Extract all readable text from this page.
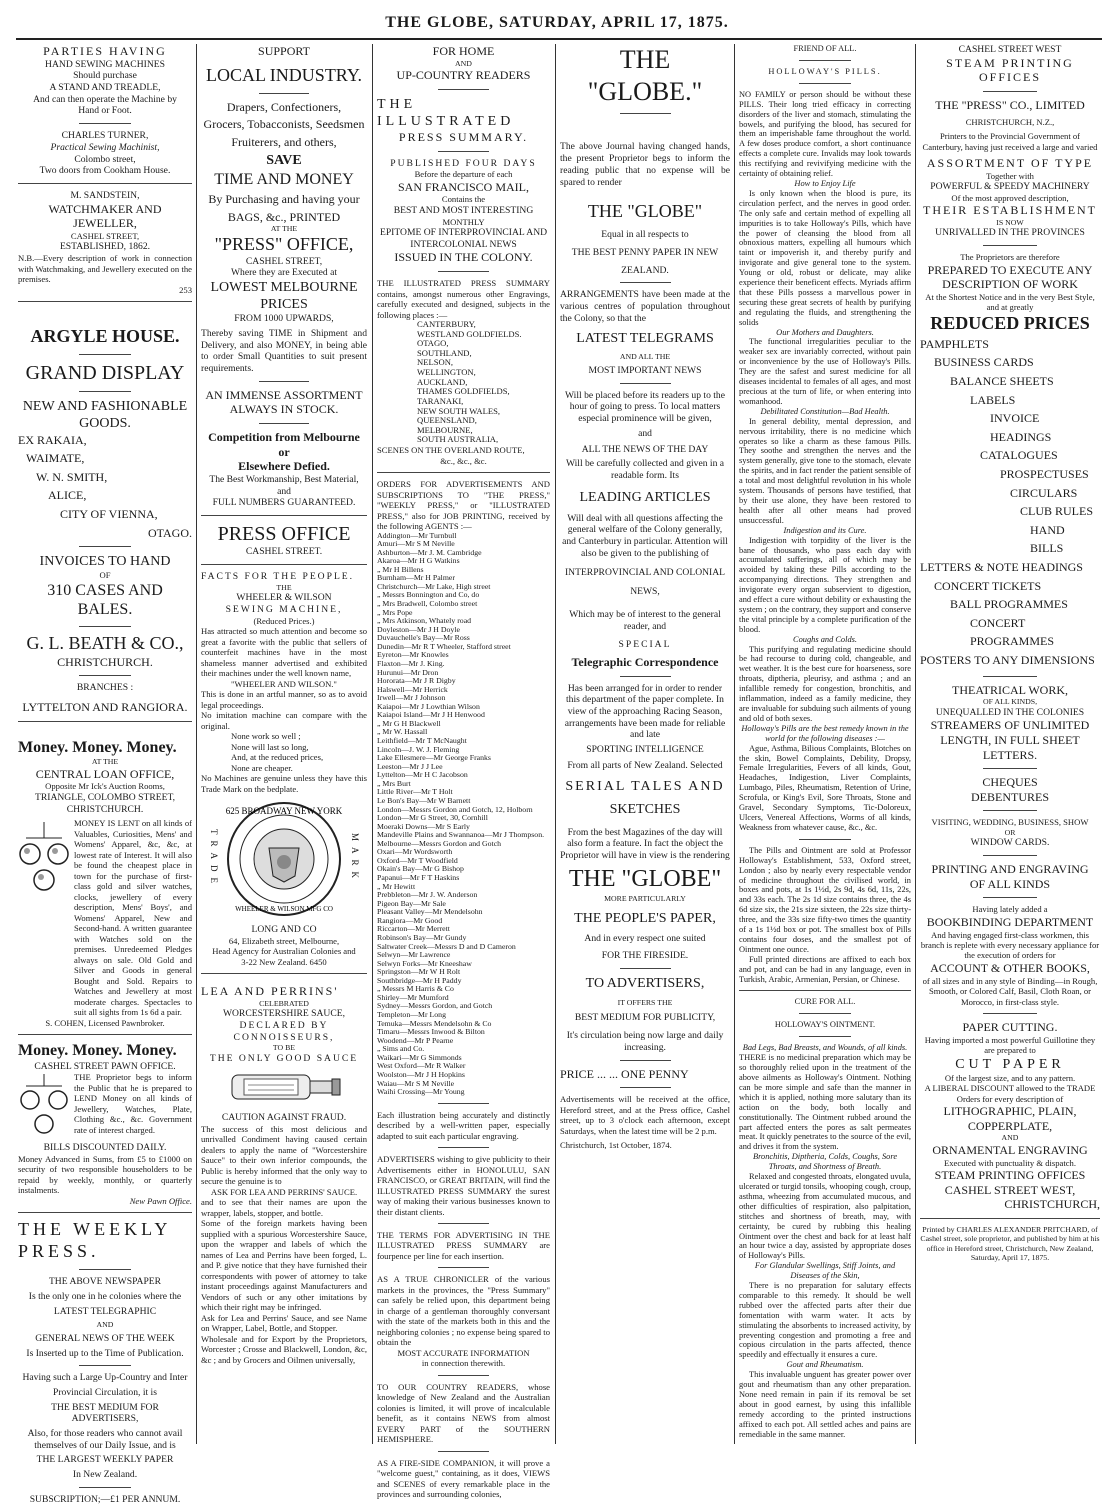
THE GLOBE, SATURDAY, APRIL 17, 1875.
PARTIES HAVING
HAND SEWING MACHINES
Should purchase
A STAND AND TREADLE,
And can then operate the Machine by
Hand or Foot.
CHARLES TURNER,
Practical Sewing Machinist,
Colombo street,
Two doors from Cookham House.
M. SANDSTEIN,
WATCHMAKER AND JEWELLER,
CASHEL STREET,
ESTABLISHED, 1862.
N.B.—Every description of work in connection with Watchmaking, and Jewellery executed on the premises.
253
ARGYLE HOUSE.
GRAND DISPLAY
NEW AND FASHIONABLE
GOODS.
EX RAKAIA,
WAIMATE,
W. N. SMITH,
ALICE,
CITY OF VIENNA,
OTAGO.
INVOICES TO HAND
OF
310 CASES AND BALES.
G. L. BEATH & CO.,
CHRISTCHURCH.
BRANCHES :
LYTTELTON AND RANGIORA.
Money. Money. Money.
AT THE
CENTRAL LOAN OFFICE,
Opposite Mr Ick's Auction Rooms,
TRIANGLE, COLOMBO STREET,
CHRISTCHURCH.
MONEY IS LENT on all kinds of Valuables, Curiosities, Mens' and Womens' Apparel, &c, &c, at lowest rate of Interest. It will also be found the cheapest place in town for the purchase of first-class gold and silver watches, clocks, jewellery of every description, Mens' Boys', and Womens' Apparel, New and Second-hand. A written guarantee with Watches sold on the premises. Unredeemed Pledges always on sale. Old Gold and Silver and Goods in general Bought and Sold. Repairs to Watches and Jewellery at most moderate charges. Spectacles to suit all sights from 1s 6d a pair.
S. COHEN, Licensed Pawnbroker.
Money. Money. Money.
CASHEL STREET PAWN OFFICE.
THE Proprietor begs to inform the Public that he is prepared to LEND Money on all kinds of Jewellery, Watches, Plate, Clothing &c., &c. Government rate of interest charged.
BILLS DISCOUNTED DAILY.
Money Advanced in Sums, from £5 to £1000 on security of two responsible householders to be repaid by weekly, monthly, or quarterly instalments.
New Pawn Office.
THE WEEKLY PRESS.
THE ABOVE NEWSPAPER
Is the only one in he colonies where the
LATEST TELEGRAPHIC
AND
GENERAL NEWS OF THE WEEK
Is Inserted up to the Time of Publication.
Having such a Large Up-Country and Inter
Provincial Circulation, it is
THE BEST MEDIUM FOR ADVERTISERS,
Also, for those readers who cannot avail themselves of our Daily Issue, and is
THE LARGEST WEEKLY PAPER
In New Zealand.
SUBSCRIPTION;—£1 PER ANNUM.
SUPPORT
LOCAL INDUSTRY.
Drapers, Confectioners,
Grocers, Tobacconists, Seedsmen
Fruiterers, and others,
SAVE
TIME AND MONEY
By Purchasing and having your
BAGS, &c., PRINTED
AT THE
"PRESS" OFFICE,
CASHEL STREET,
Where they are Executed at
LOWEST MELBOURNE PRICES
FROM 1000 UPWARDS,
Thereby saving TIME in Shipment and Delivery, and also MONEY, in being able to order Small Quantities to suit present requirements.
AN IMMENSE ASSORTMENT
ALWAYS IN STOCK.
Competition from Melbourne or
Elsewhere Defied.
The Best Workmanship, Best Material,
and
FULL NUMBERS GUARANTEED.
PRESS OFFICE
CASHEL STREET.
FACTS FOR THE PEOPLE.
THE
WHEELER & WILSON
SEWING MACHINE,
(Reduced Prices.)
Has attracted so much attention and become so great a favorite with the public that sellers of counterfeit machines have in the most shameless manner advertised and exhibited their machines under the well known name,
"WHEELER AND WILSON."
This is done in an artful manner, so as to avoid legal proceedings.
No imitation machine can compare with the original.
None work so well ;
None will last so long,
And, at the reduced prices,
None are cheaper.
No Machines are genuine unless they have this Trade Mark on the bedplate.
TRADE
625 BROADWAY NEW YORK
WHEELER & WILSON MFG CO
MARK
LONG AND CO
64, Elizabeth street, Melbourne,
Head Agency for Australian Colonies and
3-22 New Zealand. 6450
LEA AND PERRINS'
CELEBRATED
WORCESTERSHIRE SAUCE,
DECLARED BY CONNOISSEURS,
TO BE
THE ONLY GOOD SAUCE
CAUTION AGAINST FRAUD.
The success of this most delicious and unrivalled Condiment having caused certain dealers to apply the name of "Worcestershire Sauce" to their own inferior compounds, the Public is hereby informed that the only way to secure the genuine is to
ASK FOR LEA AND PERRINS' SAUCE.
and to see that their names are upon the wrapper, labels, stopper, and bottle.
Some of the foreign markets having been supplied with a spurious Worcestershire Sauce, upon the wrapper and labels of which the names of Lea and Perrins have been forged, L. and P. give notice that they have furnished their correspondents with power of attorney to take instant proceedings against Manufacturers and Vendors of such or any other imitations by which their right may be infringed.
Ask for Lea and Perrins' Sauce, and see Name on Wrapper, Label, Bottle, and Stopper.
Wholesale and for Export by the Proprietors, Worcester ; Crosse and Blackwell, London, &c, &c ; and by Grocers and Oilmen universally,
FOR HOME
AND
UP-COUNTRY READERS
THE ILLUSTRATED
PRESS SUMMARY.
PUBLISHED FOUR DAYS
Before the departure of each
SAN FRANCISCO MAIL,
Contains the
BEST AND MOST INTERESTING
MONTHLY
EPITOME OF INTERPROVINCIAL AND
INTERCOLONIAL NEWS
ISSUED IN THE COLONY.
THE ILLUSTRATED PRESS SUMMARY contains, amongst numerous other Engravings, carefully executed and designed, subjects in the following places :—
CANTERBURY,
WESTLAND GOLDFIELDS.
OTAGO,
SOUTHLAND,
NELSON,
WELLINGTON,
AUCKLAND,
THAMES GOLDFIELDS,
TARANAKI,
NEW SOUTH WALES,
QUEENSLAND,
MELBOURNE,
SOUTH AUSTRALIA,
SCENES ON THE OVERLAND ROUTE,
&c., &c., &c.
ORDERS FOR ADVERTISEMENTS AND SUBSCRIPTIONS TO "THE PRESS," "WEEKLY PRESS," or "ILLUSTRATED PRESS," also for JOB PRINTING, received by the following AGENTS :—
Addington—Mr Turnbull
Amuri—Mr S M Neville
Ashburton—Mr J. M. Cambridge
Akaroa—Mr H G Watkins
„ Mr H Billens
Burnham—Mr H Palmer
Christchurch—Mr Lake, High street
„ Messrs Bonnington and Co, do
„ Mrs Bradwell, Colombo street
„ Mrs Pope
„ Mrs Atkinson, Whately road
Doyleston—Mr J H Doyle
Duvauchelle's Bay—Mr Ross
Dunedin—Mr R T Wheeler, Stafford street
Eyreton—Mr Knowles
Flaxton—Mr J. King.
Hurunui—Mr Dron
Hororata—Mr J R Digby
Halswell—Mr Herrick
Irwell—Mr J Johnson
Kaiapoi—Mr J Lowthian Wilson
Kaiapoi Island—Mr J H Henwood
„ Mr G H Blackwell
„ Mr W. Hassall
Leithfield—Mr T McNaught
Lincoln—J. W. J. Fleming
Lake Ellesmere—Mr George Franks
Leeston—Mr J J Lee
Lyttelton—Mr H C Jacobson
„ Mrs Burt
Little River—Mr T Holt
Le Bon's Bay—Mr W Barnett
London—Messrs Gordon and Gotch, 12, Holborn
London—Mr G Street, 30, Cornhill
Moeraki Downs—Mr S Early
Mandeville Plains and Swannanoa—Mr J Thompson.
Melbourne—Messrs Gordon and Gotch
Oxari—Mr Wordsworth
Oxford—Mr T Woodfield
Okain's Bay—Mr G Bishop
Papanui—Mr F T Haskins
„ Mr Hewitt
Prebbleton—Mr J. W. Anderson
Pigeon Bay—Mr Sale
Pleasant Valley—Mr Mendelsohn
Rangiora—Mr Good
Riccarton—Mr Merrett
Robinson's Bay—Mr Gundy
Saltwater Creek—Messrs D and D Cameron
Selwyn—Mr Lawrence
Selwyn Forks—Mr Kneeshaw
Springston—Mr W H Rolt
Southbridge—Mr H Paddy
„ Messrs M Harris & Co
Shirley—Mr Mumford
Sydney—Messrs Gordon, and Gotch
Templeton—Mr Long
Temuka—Messrs Mendelsohn & Co
Timaru—Messrs Inwood & Bilton
Woodend—Mr P Pearne
„ Sims and Co.
Waikari—Mr G Simmonds
West Oxford—Mr R Walker
Woolston—Mr J H Hopkins
Waiau—Mr S M Neville
Waihi Crossing—Mr Young
Each illustration being accurately and distinctly described by a well-written paper, especially adapted to suit each particular engraving.
ADVERTISERS wishing to give publicity to their Advertisements either in HONOLULU, SAN FRANCISCO, or GREAT BRITAIN, will find the ILLUSTRATED PRESS SUMMARY the surest way of making their various businesses known to their distant clients.
THE TERMS FOR ADVERTISING IN THE ILLUSTRATED PRESS SUMMARY are fourpence per line for each insertion.
AS A TRUE CHRONICLER of the various markets in the provinces, the "Press Summary" can safely be relied upon, this department being in charge of a gentleman thoroughly conversant with the state of the markets both in this and the neighboring colonies ; no expense being spared to obtain the
MOST ACCURATE INFORMATION
in connection therewith.
TO OUR COUNTRY READERS, whose knowledge of New Zealand and the Australian colonies is limited, it will prove of incalculable benefit, as it contains NEWS from almost EVERY PART of the SOUTHERN HEMISPHERE.
AS A FIRE-SIDE COMPANION, it will prove a "welcome guest," containing, as it does, VIEWS and SCENES of every remarkable place in the provinces and surrounding colonies,
THE "GLOBE."
The above Journal having changed hands, the present Proprietor begs to inform the reading public that no expense will be spared to render
THE "GLOBE"
Equal in all respects to
THE BEST PENNY PAPER IN NEW
ZEALAND.
ARRANGEMENTS have been made at the various centres of population throughout the Colony, so that the
LATEST TELEGRAMS
AND ALL THE
MOST IMPORTANT NEWS
Will be placed before its readers up to the hour of going to press. To local matters especial prominence will be given,
and
ALL THE NEWS OF THE DAY
Will be carefully collected and given in a readable form. Its
LEADING ARTICLES
Will deal with all questions affecting the general welfare of the Colony generally, and Canterbury in particular. Attention will also be given to the publishing of
INTERPROVINCIAL AND COLONIAL
NEWS,
Which may be of interest to the general reader, and
SPECIAL
Telegraphic Correspondence
Has been arranged for in order to render this department of the paper complete. In view of the approaching Racing Season, arrangements have been made for reliable and late
SPORTING INTELLIGENCE
From all parts of New Zealand. Selected
SERIAL TALES AND
SKETCHES
From the best Magazines of the day will also form a feature. In fact the object the Proprietor will have in view is the rendering
THE "GLOBE"
MORE PARTICULARLY
THE PEOPLE'S PAPER,
And in every respect one suited
FOR THE FIRESIDE.
TO ADVERTISERS,
IT OFFERS THE
BEST MEDIUM FOR PUBLICITY,
It's circulation being now large and daily increasing.
PRICE ... ... ONE PENNY
Advertisements will be received at the office, Hereford street, and at the Press office, Cashel street, up to 3 o'clock each afternoon, except Saturdays, when the latest time will be 2 p.m.
Christchurch, 1st October, 1874.
FRIEND OF ALL.
HOLLOWAY'S PILLS.
NO FAMILY or person should be without these PILLS. Their long tried efficacy in correcting disorders of the liver and stomach, stimulating the bowels, and purifying the blood, has secured for them an imperishable fame throughout the world. A few doses produce comfort, a short continuance effects a complete cure. Invalids may look towards this rectifying and revivifying medicine with the certainty of obtaining relief.
How to Enjoy Life
Is only known when the blood is pure, its circulation perfect, and the nerves in good order. The only safe and certain method of expelling all impurities is to take Holloway's Pills, which have the power of cleansing the blood from all obnoxious matters, expelling all humours which taint or impoverish it, and thereby purify and invigorate and give general tone to the system. Young or old, robust or delicate, may alike experience their beneficent effects. Myriads affirm that these Pills possess a marvellous power in securing these great secrets of health by purifying and regulating the fluids, and strengthening the solids
Our Mothers and Daughters.
The functional irregularities peculiar to the weaker sex are invariably corrected, without pain or inconvenience by the use of Holloway's Pills. They are the safest and surest medicine for all diseases incidental to females of all ages, and most precious at the turn of life, or when entering into womanhood.
Debilitated Constitution—Bad Health.
In general debility, mental depression, and nervous irritability, there is no medicine which operates so like a charm as these famous Pills. They soothe and strengthen the nerves and the system generally, give tone to the stomach, elevate the spirits, and in fact render the patient sensible of a total and most delightful revolution in his whole system. Thousands of persons have testified, that by their use alone, they have been restored to health after all other means had proved unsuccessful.
Indigestion and its Cure.
Indigestion with torpidity of the liver is the bane of thousands, who pass each day with accumulated sufferings, all of which may be avoided by taking these Pills according to the accompanying directions. They strengthen and invigorate every organ subservient to digestion, and effect a cure without debility or exhausting the system ; on the contrary, they support and conserve the vital principle by a complete purification of the blood.
Coughs and Colds.
This purifying and regulating medicine should be had recourse to during cold, changeable, and wet weather. It is the best cure for hoarseness, sore throats, diptheria, pleurisy, and asthma ; and an infallible remedy for congestion, bronchitis, and inflammation, indeed as a family medicine, they are invaluable for subduing such ailments of young and old of both sexes.
Holloway's Pills are the best remedy known in the world for the following diseases :—
Ague, Asthma, Bilious Complaints, Blotches on the skin, Bowel Complaints, Debility, Dropsy, Female Irregularities, Fevers of all kinds, Gout, Headaches, Indigestion, Liver Complaints, Lumbago, Piles, Rheumatism, Retention of Urine, Scrofula, or King's Evil, Sore Throats, Stone and Gravel, Secondary Symptoms, Tic-Doloreux, Ulcers, Venereal Affections, Worms of all kinds, Weakness from whatever cause, &c., &c.
The Pills and Ointment are sold at Professor Holloway's Establishment, 533, Oxford street, London ; also by nearly every respectable vendor of medicine throughout the civilised world, in boxes and pots, at 1s 1½d, 2s 9d, 4s 6d, 11s, 22s, and 33s each. The 2s 1d size contains three, the 4s 6d size six, the 21s size sixteen, the 22s size thirty-three, and the 33s size fifty-two times the quantity of a 1s 1½d box or pot. The smallest box of Pills contains four doses, and the smallest pot of Ointment one ounce.
Full printed directions are affixed to each box and pot, and can be had in any language, even in Turkish, Arabic, Armenian, Persian, or Chinese.
CURE FOR ALL.
HOLLOWAY'S OINTMENT.
Bad Legs, Bad Breasts, and Wounds, of all kinds.
THERE is no medicinal preparation which may be so thoroughly relied upon in the treatment of the above ailments as Holloway's Ointment. Nothing can be more simple and safe than the manner in which it is applied, nothing more salutary than its action on the body, both locally and constitutionally. The Ointment rubbed around the part affected enters the pores as salt permeates meat. It quickly penetrates to the source of the evil, and drives it from the system.
Bronchitis, Diptheria, Colds, Coughs, Sore Throats, and Shortness of Breath.
Relaxed and congested throats, elongated uvula, ulcerated or turgid tonsils, whooping cough, croup, asthma, wheezing from accumulated mucous, and other difficulties of respiration, also palpitation, stitches and shortness of breath, may, with certainty, be cured by rubbing this healing Ointment over the chest and back for at least half an hour twice a day, assisted by appropriate doses of Holloway's Pills.
For Glandular Swellings, Stiff Joints, and Diseases of the Skin,
There is no preparation for salutary effects comparable to this remedy. It should be well rubbed over the affected parts after their due fomentation with warm water. It acts by stimulating the absorbents to increased activity, by preventing congestion and promoting a free and copious circulation in the parts affected, thence speedily and effectually it ensures a cure.
Gout and Rheumatism.
This invaluable unguent has greater power over gout and rheumatism than any other preparation. None need remain in pain if its removal be set about in good earnest, by using this infallible remedy according to the printed instructions affixed to each pot. All settled aches and pains are remediable in the same manner.
CASHEL STREET WEST
STEAM PRINTING OFFICES
THE "PRESS" CO., LIMITED
CHRISTCHURCH, N.Z.,
Printers to the Provincial Government of Canterbury, having just received a large and varied
ASSORTMENT OF TYPE
Together with
POWERFUL & SPEEDY MACHINERY
Of the most approved description,
THEIR ESTABLISHMENT
IS NOW
UNRIVALLED IN THE PROVINCES
The Proprietors are therefore
PREPARED TO EXECUTE ANY
DESCRIPTION OF WORK
At the Shortest Notice and in the very Best Style, and at greatly
REDUCED PRICES
PAMPHLETS
BUSINESS CARDS
BALANCE SHEETS
LABELS
INVOICE HEADINGS
CATALOGUES
PROSPECTUSES
CIRCULARS
CLUB RULES
HAND BILLS
LETTERS & NOTE HEADINGS
CONCERT TICKETS
BALL PROGRAMMES
CONCERT PROGRAMMES
POSTERS TO ANY DIMENSIONS
THEATRICAL WORK,
OF ALL KINDS,
UNEQUALLED IN THE COLONIES
STREAMERS OF UNLIMITED
LENGTH, IN FULL SHEET
LETTERS.
CHEQUES
DEBENTURES
VISITING, WEDDING, BUSINESS, SHOW
OR
WINDOW CARDS.
PRINTING AND ENGRAVING
OF ALL KINDS
Having lately added a
BOOKBINDING DEPARTMENT
And having engaged first-class workmen, this branch is replete with every necessary appliance for the execution of orders for
ACCOUNT & OTHER BOOKS,
of all sizes and in any style of Binding—in Rough, Smooth, or Colored Calf, Basil, Cloth Roan, or Morocco, in first-class style.
PAPER CUTTING.
Having imported a most powerful Guillotine they are prepared to
CUT PAPER
Of the largest size, and to any pattern.
A LIBERAL DISCOUNT allowed to the TRADE
Orders for every description of
LITHOGRAPHIC, PLAIN,
COPPERPLATE,
AND
ORNAMENTAL ENGRAVING
Executed with punctuality & dispatch.
STEAM PRINTING OFFICES
CASHEL STREET WEST,
CHRISTCHURCH,
Printed by CHARLES ALEXANDER PRITCHARD, of Cashel street, sole proprietor, and published by him at his office in Hereford street, Christchurch, New Zealand, Saturday, April 17, 1875.
